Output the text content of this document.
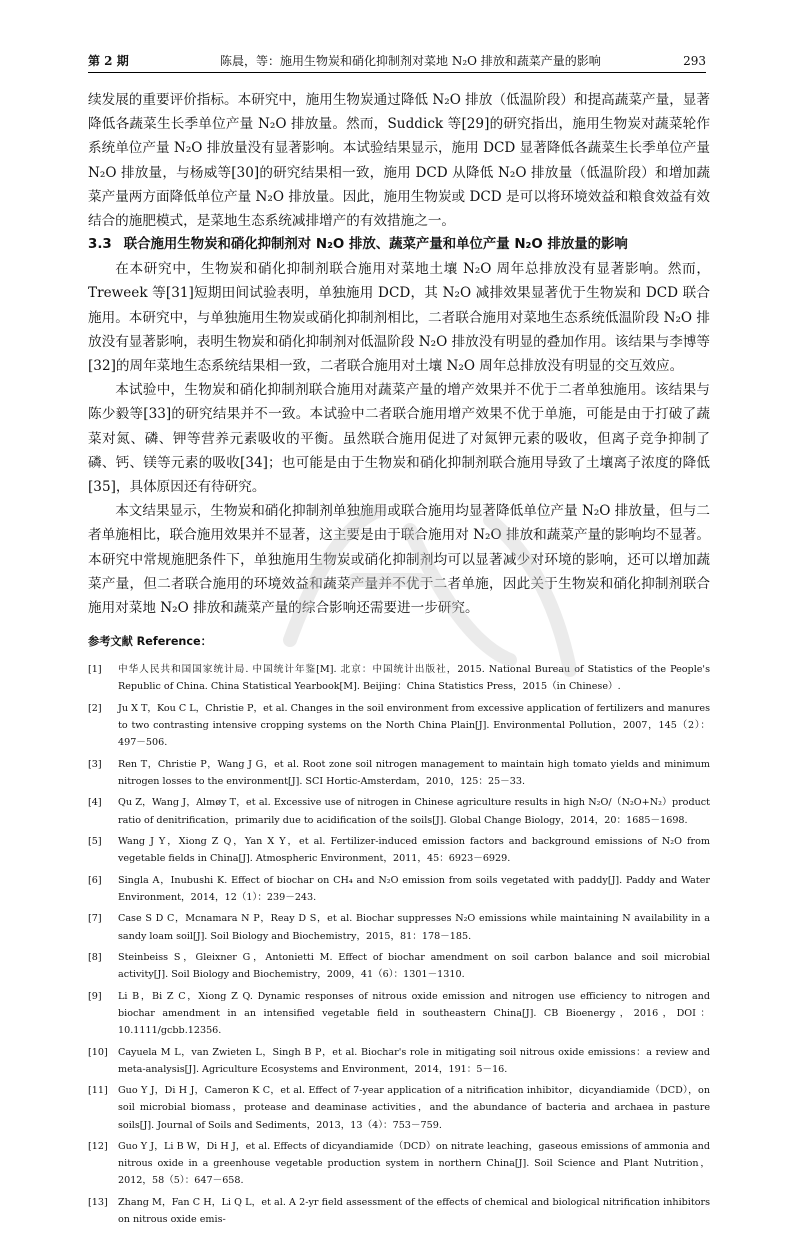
第 2 期	陈晨，等：施用生物炭和硝化抑制剂对菜地 N₂O 排放和蔬菜产量的影响	293

续发展的重要评价指标。本研究中，施用生物炭通过降低 N₂O 排放（低温阶段）和提高蔬菜产量，显著降低各蔬菜生长季单位产量 N₂O 排放量。然而，Suddick 等[29]的研究指出，施用生物炭对蔬菜轮作系统单位产量 N₂O 排放量没有显著影响。本试验结果显示，施用 DCD 显著降低各蔬菜生长季单位产量 N₂O 排放量，与杨威等[30]的研究结果相一致，施用 DCD 从降低 N₂O 排放量（低温阶段）和增加蔬菜产量两方面降低单位产量 N₂O 排放量。因此，施用生物炭或 DCD 是可以将环境效益和粮食效益有效结合的施肥模式，是菜地生态系统减排增产的有效措施之一。

3.3 联合施用生物炭和硝化抑制剂对 N₂O 排放、蔬菜产量和单位产量 N₂O 排放量的影响

在本研究中，生物炭和硝化抑制剂联合施用对菜地土壤 N₂O 周年总排放没有显著影响。然而，Treweek 等[31]短期田间试验表明，单独施用 DCD，其 N₂O 减排效果显著优于生物炭和 DCD 联合施用。本研究中，与单独施用生物炭或硝化抑制剂相比，二者联合施用对菜地生态系统低温阶段 N₂O 排放没有显著影响，表明生物炭和硝化抑制剂对低温阶段 N₂O 排放没有明显的叠加作用。该结果与李博等[32]的周年菜地生态系统结果相一致，二者联合施用对土壤 N₂O 周年总排放没有明显的交互效应。

本试验中，生物炭和硝化抑制剂联合施用对蔬菜产量的增产效果并不优于二者单独施用。该结果与陈少毅等[33]的研究结果并不一致。本试验中二者联合施用增产效果不优于单施，可能是由于打破了蔬菜对氮、磷、钾等营养元素吸收的平衡。虽然联合施用促进了对氮钾元素的吸收，但离子竞争抑制了磷、钙、镁等元素的吸收[34]；也可能是由于生物炭和硝化抑制剂联合施用导致了土壤离子浓度的降低[35]，具体原因还有待研究。

本文结果显示，生物炭和硝化抑制剂单独施用或联合施用均显著降低单位产量 N₂O 排放量，但与二者单施相比，联合施用效果并不显著，这主要是由于联合施用对 N₂O 排放和蔬菜产量的影响均不显著。本研究中常规施肥条件下，单独施用生物炭或硝化抑制剂均可以显著减少对环境的影响，还可以增加蔬菜产量，但二者联合施用的环境效益和蔬菜产量并不优于二者单施，因此关于生物炭和硝化抑制剂联合施用对菜地 N₂O 排放和蔬菜产量的综合影响还需要进一步研究。

参考文献 Reference：

[1] 中华人民共和国国家统计局. 中国统计年鉴[M]. 北京：中国统计出版社，2015. National Bureau of Statistics of the People's Republic of China. China Statistical Yearbook[M]. Beijing：China Statistics Press，2015（in Chinese）.

[2] Ju X T，Kou C L，Christie P，et al. Changes in the soil environment from excessive application of fertilizers and manures to two contrasting intensive cropping systems on the North China Plain[J]. Environmental Pollution，2007，145（2）：497－506.

[3] Ren T，Christie P，Wang J G，et al. Root zone soil nitrogen management to maintain high tomato yields and minimum nitrogen losses to the environment[J]. SCI Hortic-Amsterdam，2010，125：25－33.

[4] Qu Z，Wang J，Almøy T，et al. Excessive use of nitrogen in Chinese agriculture results in high N₂O/（N₂O+N₂）product ratio of denitrification，primarily due to acidification of the soils[J]. Global Change Biology，2014，20：1685－1698.

[5] Wang J Y，Xiong Z Q，Yan X Y，et al. Fertilizer-induced emission factors and background emissions of N₂O from vegetable fields in China[J]. Atmospheric Environment，2011，45：6923－6929.

[6] Singla A，Inubushi K. Effect of biochar on CH₄ and N₂O emission from soils vegetated with paddy[J]. Paddy and Water Environment，2014，12（1）：239－243.

[7] Case S D C，Mcnamara N P，Reay D S，et al. Biochar suppresses N₂O emissions while maintaining N availability in a sandy loam soil[J]. Soil Biology and Biochemistry，2015，81：178－185.

[8] Steinbeiss S，Gleixner G，Antonietti M. Effect of biochar amendment on soil carbon balance and soil microbial activity[J]. Soil Biology and Biochemistry，2009，41（6）：1301－1310.

[9] Li B，Bi Z C，Xiong Z Q. Dynamic responses of nitrous oxide emission and nitrogen use efficiency to nitrogen and biochar amendment in an intensified vegetable field in southeastern China[J]. CB Bioenergy，2016，DOI：10.1111/gcbb.12356.

[10] Cayuela M L，van Zwieten L，Singh B P，et al. Biochar's role in mitigating soil nitrous oxide emissions：a review and meta-analysis[J]. Agriculture Ecosystems and Environment，2014，191：5－16.

[11] Guo Y J，Di H J，Cameron K C，et al. Effect of 7-year application of a nitrification inhibitor，dicyandiamide（DCD），on soil microbial biomass，protease and deaminase activities，and the abundance of bacteria and archaea in pasture soils[J]. Journal of Soils and Sediments，2013，13（4）：753－759.

[12] Guo Y J，Li B W，Di H J，et al. Effects of dicyandiamide（DCD）on nitrate leaching，gaseous emissions of ammonia and nitrous oxide in a greenhouse vegetable production system in northern China[J]. Soil Science and Plant Nutrition，2012，58（5）：647－658.

[13] Zhang M，Fan C H，Li Q L，et al. A 2-yr field assessment of the effects of chemical and biological nitrification inhibitors on nitrous oxide emis-
